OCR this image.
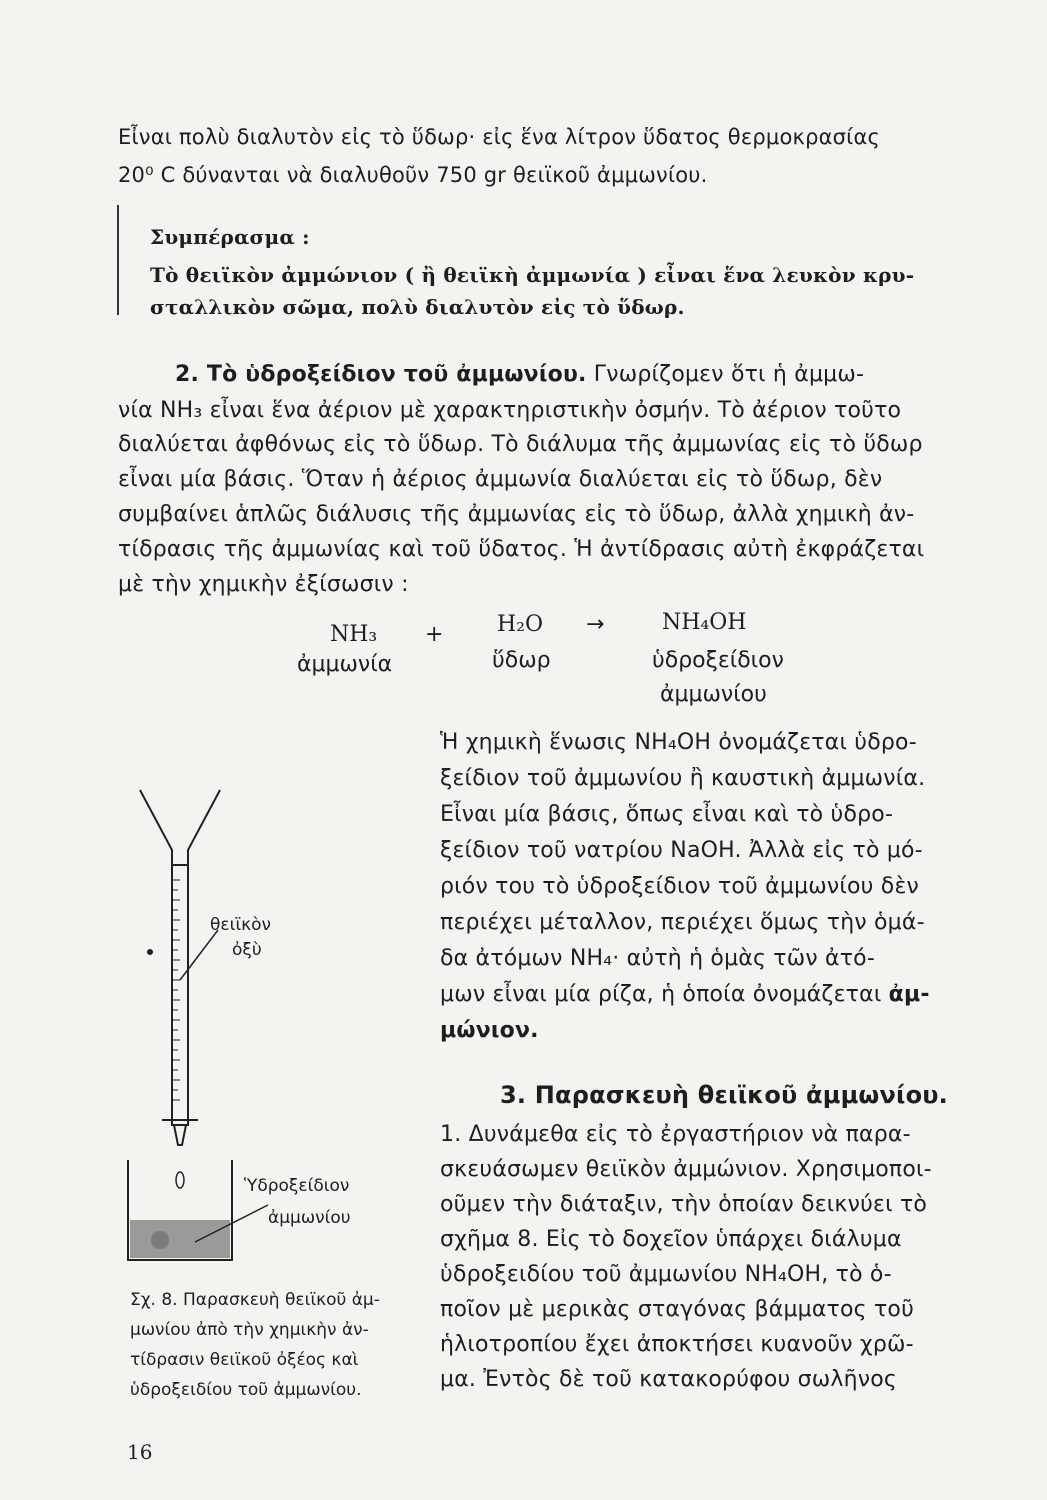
Εἶναι πολὺ διαλυτὸν εἰς τὸ ὕδωρ· εἰς ἕνα λίτρον ὕδατος θερμοκρασίας
20⁰ C δύνανται νὰ διαλυθοῦν 750 gr θειϊκοῦ ἀμμωνίου.
Συμπέρασμα :
Τὸ θειϊκὸν ἀμμώνιον ( ἢ θειϊκὴ ἀμμωνία ) εἶναι ἕνα λευκὸν κρυ-
σταλλικὸν σῶμα, πολὺ διαλυτὸν εἰς τὸ ὕδωρ.
2. Τὸ ὑδροξείδιον τοῦ ἀμμωνίου. Γνωρίζομεν ὅτι ἡ ἀμμω-
νία NH₃ εἶναι ἕνα ἀέριον μὲ χαρακτηριστικὴν ὀσμήν. Τὸ ἀέριον τοῦτο
διαλύεται ἀφθόνως εἰς τὸ ὕδωρ. Τὸ διάλυμα τῆς ἀμμωνίας εἰς τὸ ὕδωρ
εἶναι μία βάσις. Ὅταν ἡ ἀέριος ἀμμωνία διαλύεται εἰς τὸ ὕδωρ, δὲν
συμβαίνει ἁπλῶς διάλυσις τῆς ἀμμωνίας εἰς τὸ ὕδωρ, ἀλλὰ χημικὴ ἀν-
τίδρασις τῆς ἀμμωνίας καὶ τοῦ ὕδατος. Ἡ ἀντίδρασις αὐτὴ ἐκφράζεται
μὲ τὴν χημικὴν ἐξίσωσιν :
NH₃ + H₂O →	NH₄OH
ἀμμωνία	ὕδωρ	ὑδροξείδιον
ἀμμωνίου
Ἡ χημικὴ ἕνωσις NH₄OH ὀνομάζεται ὑδρο-
ξείδιον τοῦ ἀμμωνίου ἢ καυστικὴ ἀμμωνία.
Εἶναι μία βάσις, ὅπως εἶναι καὶ τὸ ὑδρο-
ξείδιον τοῦ νατρίου NaOH. Ἀλλὰ εἰς τὸ μό-
ριόν του τὸ ὑδροξείδιον τοῦ ἀμμωνίου δὲν
περιέχει μέταλλον, περιέχει ὅμως τὴν ὁμά-
δα ἀτόμων NH₄· αὐτὴ ἡ ὁμὰς τῶν ἀτό-
μων εἶναι μία ρίζα, ἡ ὁποία ὀνομάζεται ἀμ-
μώνιον.
3. Παρασκευὴ θειϊκοῦ ἀμμωνίου.
1. Δυνάμεθα εἰς τὸ ἐργαστήριον νὰ παρα-
σκευάσωμεν θειϊκὸν ἀμμώνιον. Χρησιμοποι-
οῦμεν τὴν διάταξιν, τὴν ὁποίαν δεικνύει τὸ
σχῆμα 8. Εἰς τὸ δοχεῖον ὑπάρχει διάλυμα
ὑδροξειδίου τοῦ ἀμμωνίου NH₄OH, τὸ ὁ-
ποῖον μὲ μερικὰς σταγόνας βάμματος τοῦ
ἡλιοτροπίου ἔχει ἀποκτήσει κυανοῦν χρῶ-
μα. Ἐντὸς δὲ τοῦ κατακορύφου σωλῆνος
θειϊκὸν
ὀξὺ
Ὑδροξείδιον
ἀμμωνίου
Σχ. 8. Παρασκευὴ θειϊκοῦ ἀμ-
μωνίου ἀπὸ τὴν χημικὴν ἀν-
τίδρασιν θειϊκοῦ ὀξέος καὶ
ὑδροξειδίου τοῦ ἀμμωνίου.
16
